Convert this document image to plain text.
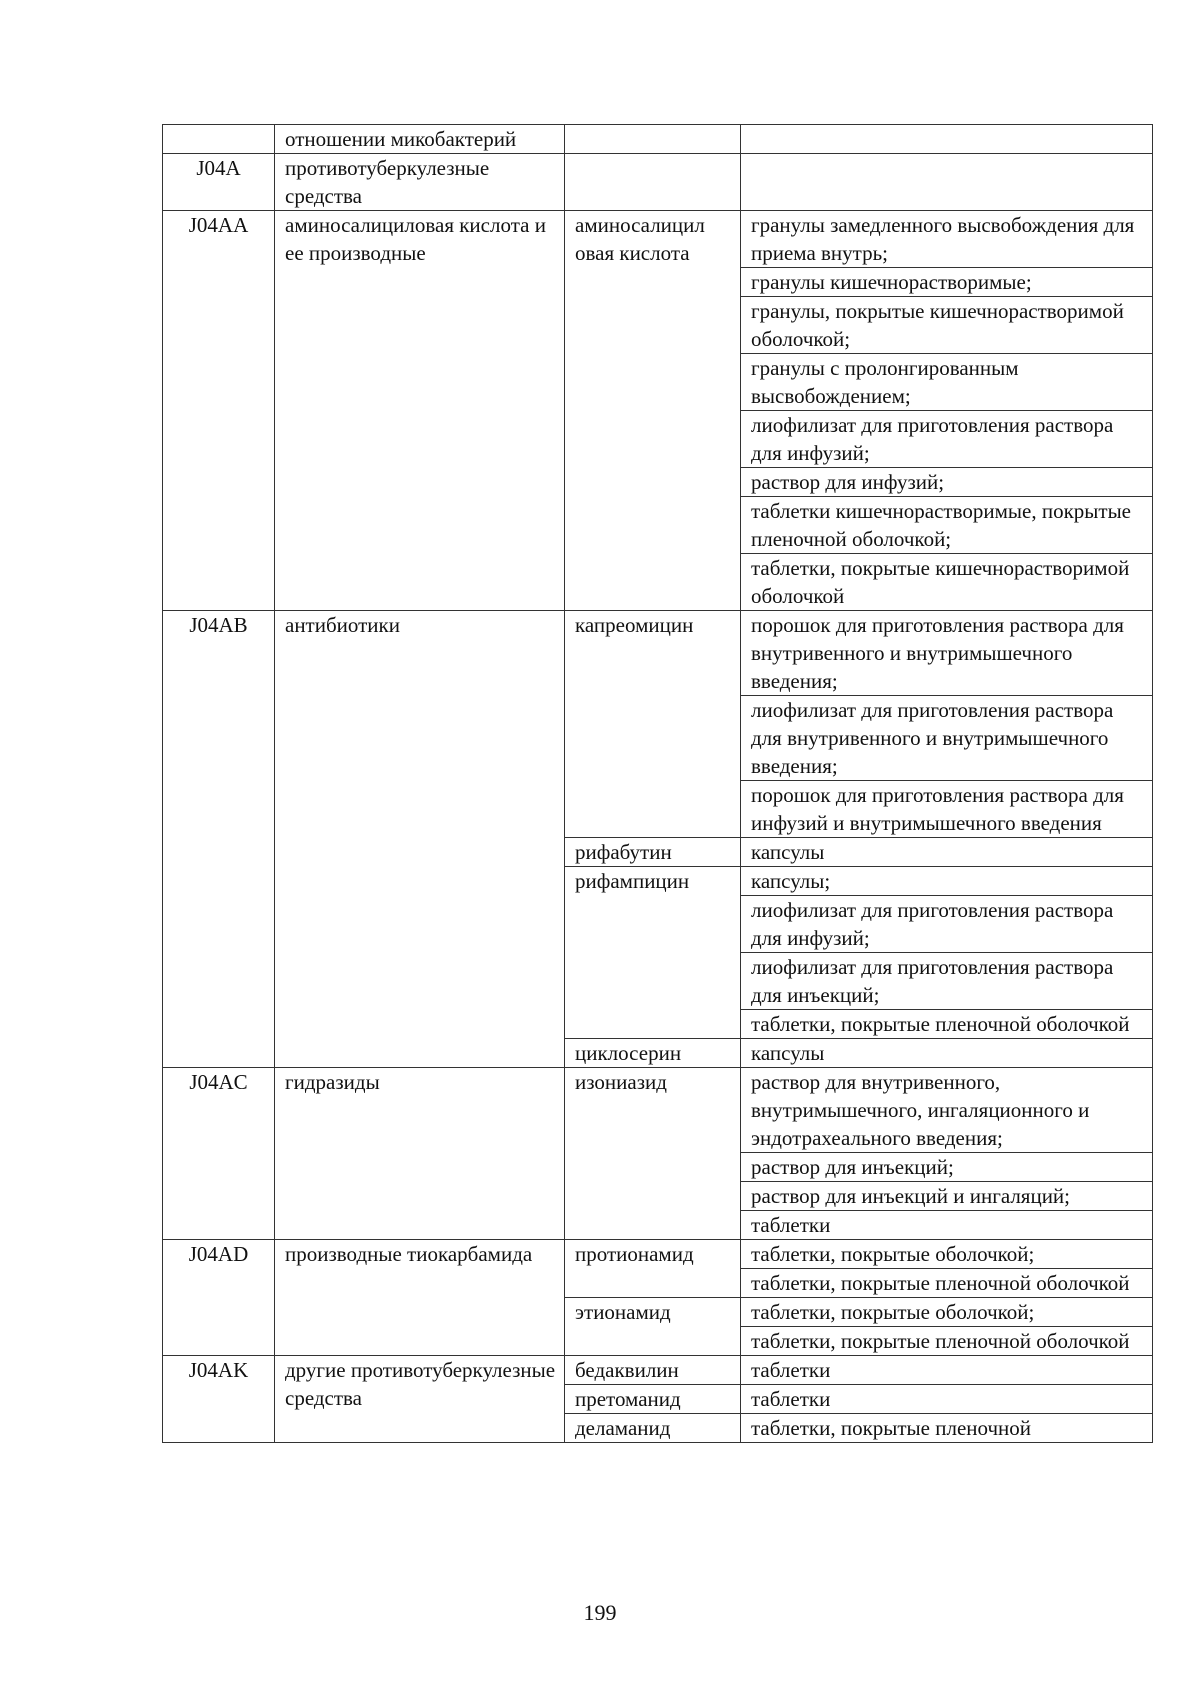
	отношении микобактерий		
J04A	противотуберкулезные средства		
J04AA	аминосалициловая кислота и ее производные	аминосалицил овая кислота	гранулы замедленного высвобождения для приема внутрь;
			гранулы кишечнорастворимые;
			гранулы, покрытые кишечнорастворимой оболочкой;
			гранулы с пролонгированным высвобождением;
			лиофилизат для приготовления раствора для инфузий;
			раствор для инфузий;
			таблетки кишечнорастворимые, покрытые пленочной оболочкой;
			таблетки, покрытые кишечнорастворимой оболочкой
J04AB	антибиотики	капреомицин	порошок для приготовления раствора для внутривенного и внутримышечного введения;
			лиофилизат для приготовления раствора для внутривенного и внутримышечного введения;
			порошок для приготовления раствора для инфузий и внутримышечного введения
		рифабутин	капсулы
		рифампицин	капсулы;
			лиофилизат для приготовления раствора для инфузий;
			лиофилизат для приготовления раствора для инъекций;
			таблетки, покрытые пленочной оболочкой
		циклосерин	капсулы
J04AC	гидразиды	изониазид	раствор для внутривенного, внутримышечного, ингаляционного и эндотрахеального введения;
			раствор для инъекций;
			раствор для инъекций и ингаляций;
			таблетки
J04AD	производные тиокарбамида	протионамид	таблетки, покрытые оболочкой;
			таблетки, покрытые пленочной оболочкой
		этионамид	таблетки, покрытые оболочкой;
			таблетки, покрытые пленочной оболочкой
J04AK	другие противотуберкулезные средства	бедаквилин	таблетки
		претоманид	таблетки
		деламанид	таблетки, покрытые пленочной
199
